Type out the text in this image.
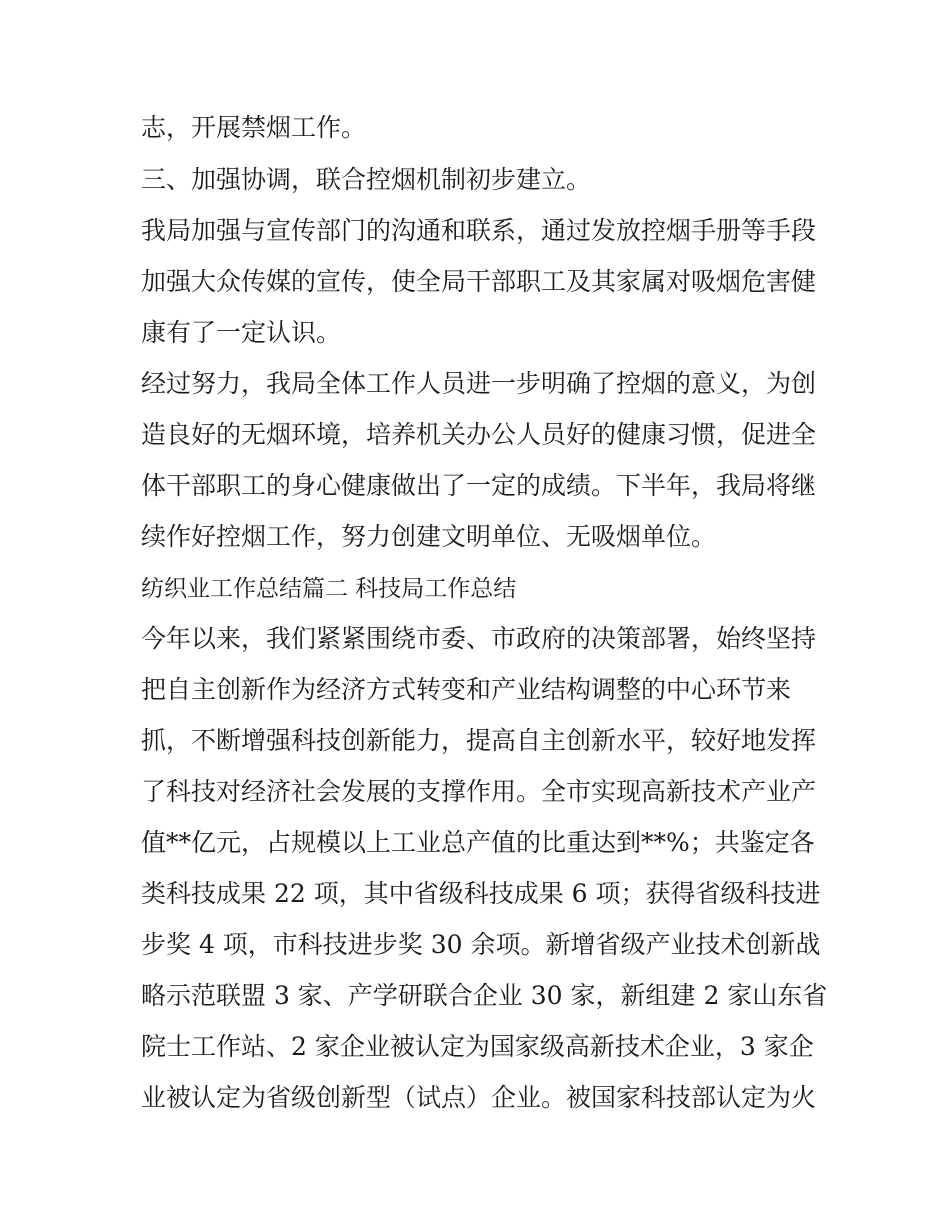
志，开展禁烟工作。
三、加强协调，联合控烟机制初步建立。
我局加强与宣传部门的沟通和联系，通过发放控烟手册等手段
加强大众传媒的宣传，使全局干部职工及其家属对吸烟危害健
康有了一定认识。
经过努力，我局全体工作人员进一步明确了控烟的意义，为创
造良好的无烟环境，培养机关办公人员好的健康习惯，促进全
体干部职工的身心健康做出了一定的成绩。下半年，我局将继
续作好控烟工作，努力创建文明单位、无吸烟单位。
纺织业工作总结篇二 科技局工作总结
今年以来，我们紧紧围绕市委、市政府的决策部署，始终坚持
把自主创新作为经济方式转变和产业结构调整的中心环节来
抓，不断增强科技创新能力，提高自主创新水平，较好地发挥
了科技对经济社会发展的支撑作用。全市实现高新技术产业产
值**亿元，占规模以上工业总产值的比重达到**%；共鉴定各
类科技成果 22 项，其中省级科技成果 6 项；获得省级科技进
步奖 4 项，市科技进步奖 30 余项。新增省级产业技术创新战
略示范联盟 3 家、产学研联合企业 30 家，新组建 2 家山东省
院士工作站、2 家企业被认定为国家级高新技术企业，3 家企
业被认定为省级创新型（试点）企业。被国家科技部认定为火
